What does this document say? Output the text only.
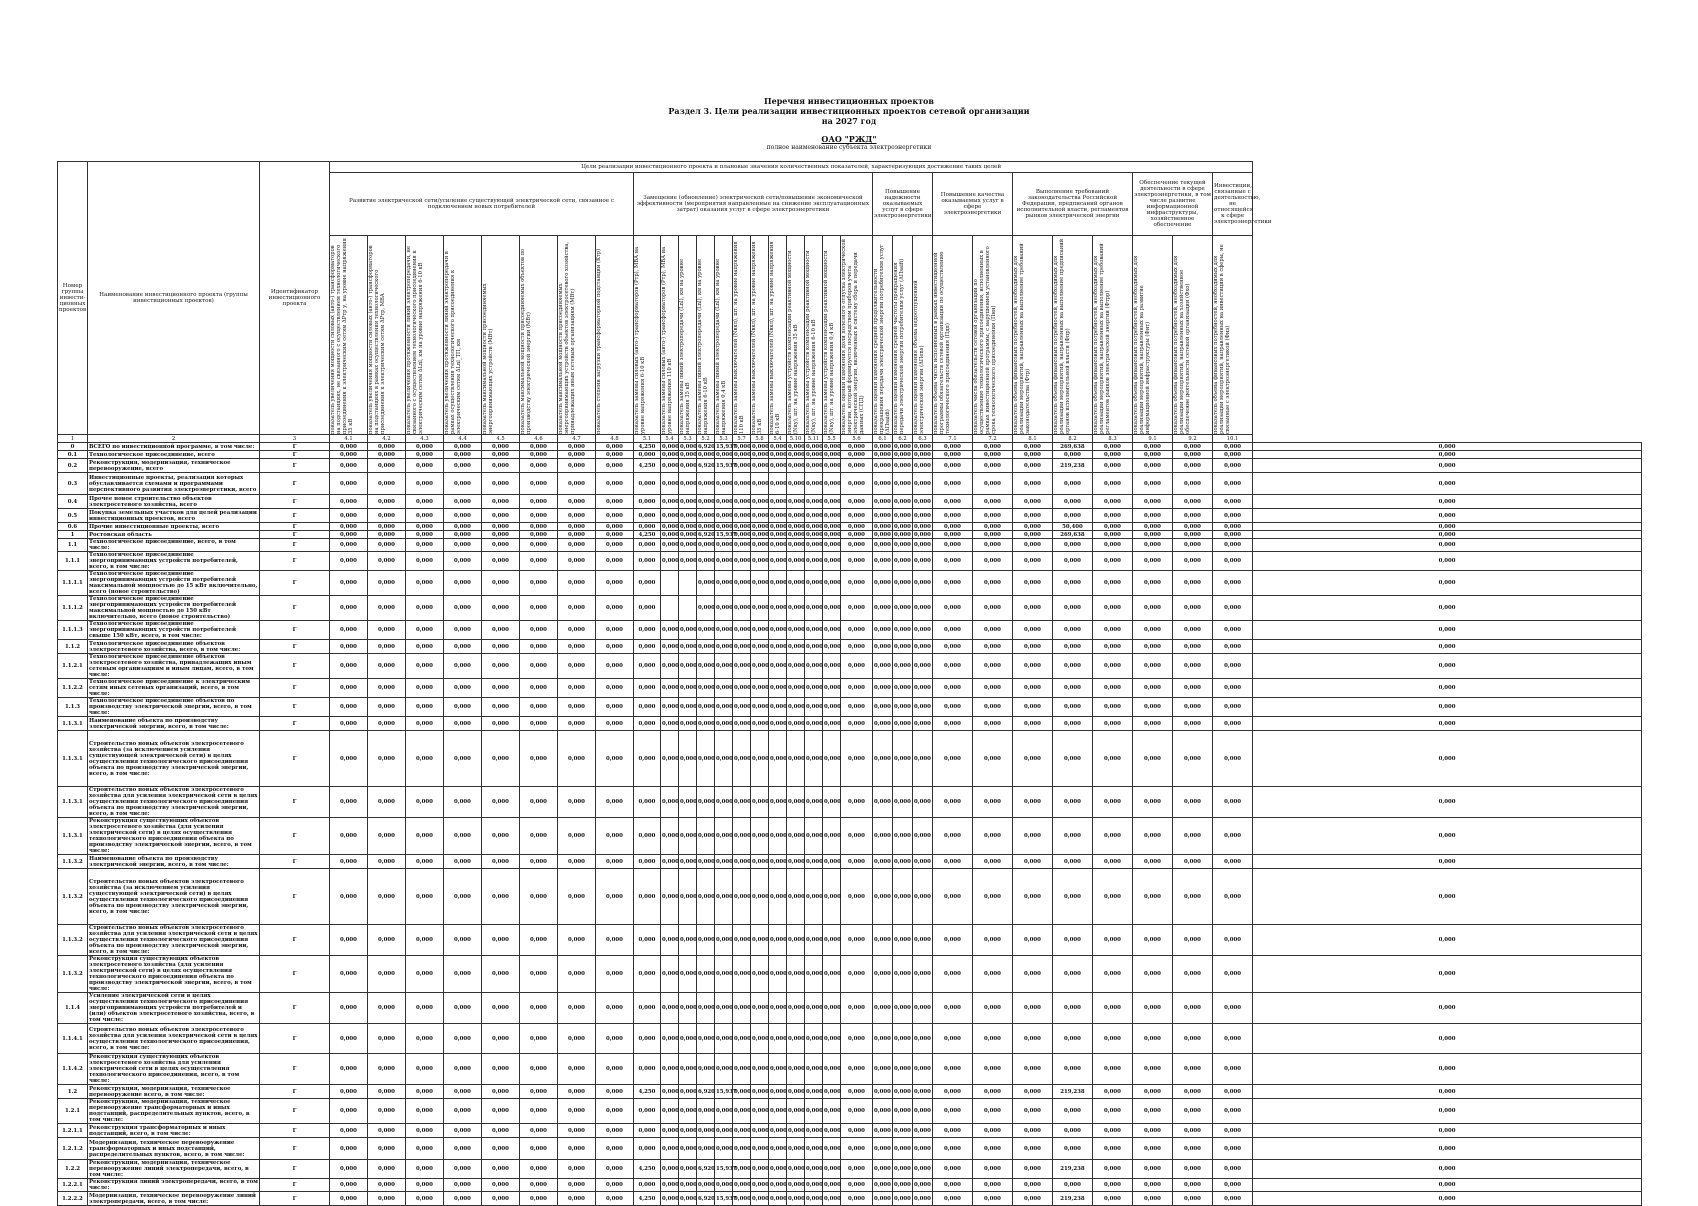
Перечня инвестиционных проектов
Раздел 3. Цели реализации инвестиционных проектов сетевой организации
на 2027 год
ОАО "РЖД"
полное наименование субъекта электроэнергетики
Номер группы инвести-ционных проектов	Наименование инвестиционного проекта (группы инвестиционных проектов)	Идентификатор инвестиционного проекта	Цели реализации инвестиционного проекта и плановые значения количественных показателей, характеризующих достижение таких целей																															
			Развитие электрической сети/усиление существующей электрической сети, связанное с подключением новых потребителей								Замещение (обновление) электрической сети/повышение экономической эффективности (мероприятия направленные на снижение эксплуатационных затрат) оказания услуг в сфере электроэнергетики												Повышение надежности оказываемых услуг в сфере электроэнергетики			Повышение качества оказываемых услуг в сфере электроэнергетики		Выполнение требований законодательства Российской Федерации, предписаний органов исполнительной власти, регламентов рынков электрической энергии			Обеспечение текущей деятельности в сфере электроэнергетики, в том числе развитие информационной инфраструктуры, хозяйственное обеспечение		Инвестиции, связанные с деятельностью, не относящейся к сфере электроэнергетики	

			показатель увеличения мощности силовых (авто-) трансформаторов на подстанциях, не связанного с осуществлением технологического присоединения к электрическим сетям ΔPтр у, на уровне напряжения 35 кВ	показатель увеличения мощности силовых (авто-) трансформаторов на подстанциях в рамках осуществления технологического присоединения к электрическим сетям ΔPтр, МВА	показатель увеличения протяженности линий электропередачи, не связанного с осуществлением технологического присоединения к электрическим сетям ΔLnl, км на уровне напряжения 6-10 кВ	показатель увеличения протяженности линий электропередачи в рамках осуществления технологического присоединения к электрическим сетям ΔLnl_ТП, км	показатель максимальной мощности присоединяемых энергопринимающих устройств (МВт)	показатель максимальной мощности присоединяемых объектов по производству электрической энергии (МВт)	показатель максимальной мощности присоединяемых энергопринимающих устройств объектов электросетевого хозяйства, принадлежащих иным сетевым организациям (МВт)	показатель степени загрузки трансформаторной подстанции (Ктр)	показатель замены силовых (авто-) трансформаторов (Ртр), МВА на уровне напряжения 6-10 кВ	показатель замены силовых (авто-) трансформаторов (Ртр), МВА на уровне напряжения 110 кВ	показатель замены линий электропередачи (Lnl), км на уровне напряжения 35 кВ	показатель замены линий электропередачи (Lnl), км на уровне напряжения 6-10 кВ	показатель замены линий электропередачи (Lnl), км на уровне напряжения 0,4 кВ	показатель замены выключателей (Nвкл), шт. на уровне напряжения 110 кВ	показатель замены выключателей (Nвкл), шт. на уровне напряжения 35 кВ	показатель замены выключателей (Nвкл), шт. на уровне напряжения 6-10 кВ	показатель замены устройств компенсации реактивной мощности (Nку), шт. на уровне напряжения 35 кВ	показатель замены устройств компенсации реактивной мощности (Nку), шт. на уровне напряжения 6-10 кВ	показатель замены устройств компенсации реактивной мощности (Nку), шт. на уровне напряжения 0,4 кВ	показатель оценки изменения доли полезного отпуска электрической энергии, который формируется посредством приборов учета электрической энергии, включенных в систему сбора и передачи данных (СПД)	показатель оценки изменения средней продолжительности прекращения передачи электрической энергии потребителям услуг (ΔПsaidi)	показатель оценки изменения средней частоты прекращения передачи электрической энергии потребителям услуг (ΔПsaifi)	показатель оценки изменения объема недоотпущенной электрической энергии (ΔПens)	показатель объема числа исполненных в рамках инвестиционной программы обязательств сетевой организации по осуществлению технологического присоединения (Пдп)	показатель числа обязательств сетевой организации по осуществлению технологического присоединения, исполненных в рамках инвестиционной программы, с нарушением установленного срока технологического присоединения (Пнн)	показатель объема финансовых потребностей, необходимых для реализации мероприятий, направленных на выполнение требований законодательства (Фтр)	показатель объема финансовых потребностей, необходимых для реализации мероприятий, направленных на выполнение предписаний органов исполнительной власти (Фпр)	показатель объема финансовых потребностей, необходимых для реализации мероприятий, направленных на выполнение требований регламентов рынков электрической энергии (Фтрр)	показатель объема финансовых потребностей, необходимых для реализации мероприятий, направленных на развитие информационной инфраструктуры (Фит)	показатель объема финансовых потребностей, необходимых для реализации мероприятий, направленных на хозяйственное обеспечение деятельности сетевой организации (Фхо)	показатель объема финансовых потребностей, необходимых для реализации мероприятий, направленных на инвестиции в сферы, не связанные с электроэнергетикой (Фнэ)	

1	2	3	4.1	4.2	4.3	4.4	4.5	4.6	4.7	4.8	5.1	5.4	5.3	5.2	5.3	5.7	5.8	5.4	5.10	5.11	5.5	5.6	6.1	6.2	6.3	7.1	7.2	8.1	8.2	8.3	9.1	9.2	10.1	
0	ВСЕГО по инвестиционной программе, в том числе:	Г	0,000	0,000	0,000	0,000	0,000	0,000	0,000	0,000	4,250	0,000	0,000	6,920	15,937	0,000	0,000	0,000	0,000	0,000	0,000	0,000	0,000	0,000	0,000	0,000	0,000	0,000	269,638	0,000	0,000	0,000	0,000	0,000
0.1	Технологическое присоединение, всего	Г	0,000	0,000	0,000	0,000	0,000	0,000	0,000	0,000	0,000	0,000	0,000	0,000	0,000	0,000	0,000	0,000	0,000	0,000	0,000	0,000	0,000	0,000	0,000	0,000	0,000	0,000	0,000	0,000	0,000	0,000	0,000	0,000
0.2	Реконструкция, модернизация, техническое перевооружение, всего	Г	0,000	0,000	0,000	0,000	0,000	0,000	0,000	0,000	4,250	0,000	0,000	6,920	15,937	0,000	0,000	0,000	0,000	0,000	0,000	0,000	0,000	0,000	0,000	0,000	0,000	0,000	219,238	0,000	0,000	0,000	0,000	0,000
0.3	Инвестиционные проекты, реализация которых обуславливается схемами и программами перспективного развития электроэнергетики, всего	Г	0,000	0,000	0,000	0,000	0,000	0,000	0,000	0,000	0,000	0,000	0,000	0,000	0,000	0,000	0,000	0,000	0,000	0,000	0,000	0,000	0,000	0,000	0,000	0,000	0,000	0,000	0,000	0,000	0,000	0,000	0,000	0,000
0.4	Прочее новое строительство объектов электросетевого хозяйства, всего	Г	0,000	0,000	0,000	0,000	0,000	0,000	0,000	0,000	0,000	0,000	0,000	0,000	0,000	0,000	0,000	0,000	0,000	0,000	0,000	0,000	0,000	0,000	0,000	0,000	0,000	0,000	0,000	0,000	0,000	0,000	0,000	0,000
0.5	Покупка земельных участков для целей реализации инвестиционных проектов, всего	Г	0,000	0,000	0,000	0,000	0,000	0,000	0,000	0,000	0,000	0,000	0,000	0,000	0,000	0,000	0,000	0,000	0,000	0,000	0,000	0,000	0,000	0,000	0,000	0,000	0,000	0,000	0,000	0,000	0,000	0,000	0,000	0,000
0.6	Прочие инвестиционные проекты, всего	Г	0,000	0,000	0,000	0,000	0,000	0,000	0,000	0,000	0,000	0,000	0,000	0,000	0,000	0,000	0,000	0,000	0,000	0,000	0,000	0,000	0,000	0,000	0,000	0,000	0,000	0,000	50,400	0,000	0,000	0,000	0,000	0,000
1	Ростовская область	Г	0,000	0,000	0,000	0,000	0,000	0,000	0,000	0,000	4,250	0,000	0,000	6,920	15,937	0,000	0,000	0,000	0,000	0,000	0,000	0,000	0,000	0,000	0,000	0,000	0,000	0,000	269,638	0,000	0,000	0,000	0,000	0,000
1.1	Технологическое присоединение, всего, в том числе:	Г	0,000	0,000	0,000	0,000	0,000	0,000	0,000	0,000	0,000	0,000	0,000	0,000	0,000	0,000	0,000	0,000	0,000	0,000	0,000	0,000	0,000	0,000	0,000	0,000	0,000	0,000	0,000	0,000	0,000	0,000	0,000	0,000
1.1.1	Технологическое присоединение энергопринимающих устройств потребителей, всего, в том числе:	Г	0,000	0,000	0,000	0,000	0,000	0,000	0,000	0,000	0,000	0,000	0,000	0,000	0,000	0,000	0,000	0,000	0,000	0,000	0,000	0,000	0,000	0,000	0,000	0,000	0,000	0,000	0,000	0,000	0,000	0,000	0,000	0,000
1.1.1.1	Технологическое присоединение энергопринимающих устройств потребителей максимальной мощностью до 15 кВт включительно, всего (новое строительство)	Г	0,000	0,000	0,000	0,000	0,000	0,000	0,000	0,000	0,000			0,000	0,000	0,000	0,000	0,000	0,000	0,000	0,000	0,000	0,000	0,000	0,000	0,000	0,000	0,000	0,000	0,000	0,000	0,000	0,000	0,000
1.1.1.2	Технологическое присоединение энергопринимающих устройств потребителей максимальной мощностью до 150 кВт включительно, всего (новое строительство)	Г	0,000	0,000	0,000	0,000	0,000	0,000	0,000	0,000	0,000			0,000	0,000	0,000	0,000	0,000	0,000	0,000	0,000	0,000	0,000	0,000	0,000	0,000	0,000	0,000	0,000	0,000	0,000	0,000	0,000	0,000
1.1.1.3	Технологическое присоединение энергопринимающих устройств потребителей свыше 150 кВт, всего, в том числе:	Г	0,000	0,000	0,000	0,000	0,000	0,000	0,000	0,000	0,000	0,000	0,000	0,000	0,000	0,000	0,000	0,000	0,000	0,000	0,000	0,000	0,000	0,000	0,000	0,000	0,000	0,000	0,000	0,000	0,000	0,000	0,000	0,000
1.1.2	Технологическое присоединение объектов электросетевого хозяйства, всего, в том числе:	Г	0,000	0,000	0,000	0,000	0,000	0,000	0,000	0,000	0,000	0,000	0,000	0,000	0,000	0,000	0,000	0,000	0,000	0,000	0,000	0,000	0,000	0,000	0,000	0,000	0,000	0,000	0,000	0,000	0,000	0,000	0,000	0,000
1.1.2.1	Технологическое присоединение объектов электросетевого хозяйства, принадлежащих иным сетевым организациям и иным лицам, всего, в том числе:	Г	0,000	0,000	0,000	0,000	0,000	0,000	0,000	0,000	0,000	0,000	0,000	0,000	0,000	0,000	0,000	0,000	0,000	0,000	0,000	0,000	0,000	0,000	0,000	0,000	0,000	0,000	0,000	0,000	0,000	0,000	0,000	0,000
1.1.2.2	Технологическое присоединение к электрическим сетям иных сетевых организаций, всего, в том числе:	Г	0,000	0,000	0,000	0,000	0,000	0,000	0,000	0,000	0,000	0,000	0,000	0,000	0,000	0,000	0,000	0,000	0,000	0,000	0,000	0,000	0,000	0,000	0,000	0,000	0,000	0,000	0,000	0,000	0,000	0,000	0,000	0,000
1.1.3	Технологическое присоединение объектов по производству электрической энергии, всего, в том числе:	Г	0,000	0,000	0,000	0,000	0,000	0,000	0,000	0,000	0,000	0,000	0,000	0,000	0,000	0,000	0,000	0,000	0,000	0,000	0,000	0,000	0,000	0,000	0,000	0,000	0,000	0,000	0,000	0,000	0,000	0,000	0,000	0,000
1.1.3.1	Наименование объекта по производству электрической энергии, всего, в том числе:	Г	0,000	0,000	0,000	0,000	0,000	0,000	0,000	0,000	0,000	0,000	0,000	0,000	0,000	0,000	0,000	0,000	0,000	0,000	0,000	0,000	0,000	0,000	0,000	0,000	0,000	0,000	0,000	0,000	0,000	0,000	0,000	0,000
1.1.3.1	Строительство новых объектов электросетевого хозяйства (за исключением усиления существующей электрической сети) в целях осуществления технологического присоединения объекта по производству электрической энергии, всего, в том числе:	Г	0,000	0,000	0,000	0,000	0,000	0,000	0,000	0,000	0,000	0,000	0,000	0,000	0,000	0,000	0,000	0,000	0,000	0,000	0,000	0,000	0,000	0,000	0,000	0,000	0,000	0,000	0,000	0,000	0,000	0,000	0,000	0,000
1.1.3.1	Строительство новых объектов электросетевого хозяйства для усиления электрической сети в целях осуществления технологического присоединения объекта по производству электрической энергии, всего, в том числе:	Г	0,000	0,000	0,000	0,000	0,000	0,000	0,000	0,000	0,000	0,000	0,000	0,000	0,000	0,000	0,000	0,000	0,000	0,000	0,000	0,000	0,000	0,000	0,000	0,000	0,000	0,000	0,000	0,000	0,000	0,000	0,000	0,000
1.1.3.1	Реконструкция существующих объектов электросетевого хозяйства (для усиления электрической сети) в целях осуществления технологического присоединения объекта по производству электрической энергии, всего, в том числе:	Г	0,000	0,000	0,000	0,000	0,000	0,000	0,000	0,000	0,000	0,000	0,000	0,000	0,000	0,000	0,000	0,000	0,000	0,000	0,000	0,000	0,000	0,000	0,000	0,000	0,000	0,000	0,000	0,000	0,000	0,000	0,000	0,000
1.1.3.2	Наименование объекта по производству электрической энергии, всего, в том числе:	Г	0,000	0,000	0,000	0,000	0,000	0,000	0,000	0,000	0,000	0,000	0,000	0,000	0,000	0,000	0,000	0,000	0,000	0,000	0,000	0,000	0,000	0,000	0,000	0,000	0,000	0,000	0,000	0,000	0,000	0,000	0,000	0,000
1.1.3.2	Строительство новых объектов электросетевого хозяйства (за исключением усиления существующей электрической сети) в целях осуществления технологического присоединения объекта по производству электрической энергии, всего, в том числе:	Г	0,000	0,000	0,000	0,000	0,000	0,000	0,000	0,000	0,000	0,000	0,000	0,000	0,000	0,000	0,000	0,000	0,000	0,000	0,000	0,000	0,000	0,000	0,000	0,000	0,000	0,000	0,000	0,000	0,000	0,000	0,000	0,000
1.1.3.2	Строительство новых объектов электросетевого хозяйства для усиления электрической сети в целях осуществления технологического присоединения объекта по производству электрической энергии, всего, в том числе:	Г	0,000	0,000	0,000	0,000	0,000	0,000	0,000	0,000	0,000	0,000	0,000	0,000	0,000	0,000	0,000	0,000	0,000	0,000	0,000	0,000	0,000	0,000	0,000	0,000	0,000	0,000	0,000	0,000	0,000	0,000	0,000	0,000
1.1.3.2	Реконструкция существующих объектов электросетевого хозяйства (для усиления электрической сети) в целях осуществления технологического присоединения объекта по производству электрической энергии, всего, в том числе:	Г	0,000	0,000	0,000	0,000	0,000	0,000	0,000	0,000	0,000	0,000	0,000	0,000	0,000	0,000	0,000	0,000	0,000	0,000	0,000	0,000	0,000	0,000	0,000	0,000	0,000	0,000	0,000	0,000	0,000	0,000	0,000	0,000
1.1.4	Усиление электрической сети в целях осуществления технологического присоединения энергопринимающих устройств потребителей и (или) объектов электросетевого хозяйства, всего, в том числе:	Г	0,000	0,000	0,000	0,000	0,000	0,000	0,000	0,000	0,000	0,000	0,000	0,000	0,000	0,000	0,000	0,000	0,000	0,000	0,000	0,000	0,000	0,000	0,000	0,000	0,000	0,000	0,000	0,000	0,000	0,000	0,000	0,000
1.1.4.1	Строительство новых объектов электросетевого хозяйства для усиления электрической сети в целях осуществления технологического присоединения, всего, в том числе:	Г	0,000	0,000	0,000	0,000	0,000	0,000	0,000	0,000	0,000	0,000	0,000	0,000	0,000	0,000	0,000	0,000	0,000	0,000	0,000	0,000	0,000	0,000	0,000	0,000	0,000	0,000	0,000	0,000	0,000	0,000	0,000	0,000
1.1.4.2	Реконструкция существующих объектов электросетевого хозяйства для усиления электрической сети в целях осуществления технологического присоединения, всего, в том числе:	Г	0,000	0,000	0,000	0,000	0,000	0,000	0,000	0,000	0,000	0,000	0,000	0,000	0,000	0,000	0,000	0,000	0,000	0,000	0,000	0,000	0,000	0,000	0,000	0,000	0,000	0,000	0,000	0,000	0,000	0,000	0,000	0,000
1.2	Реконструкция, модернизация, техническое перевооружение всего, в том числе:	Г	0,000	0,000	0,000	0,000	0,000	0,000	0,000	0,000	4,250	0,000	0,000	6,920	15,937	0,000	0,000	0,000	0,000	0,000	0,000	0,000	0,000	0,000	0,000	0,000	0,000	0,000	219,238	0,000	0,000	0,000	0,000	0,000
1.2.1	Реконструкция, модернизация, техническое перевооружение трансформаторных и иных подстанций, распределительных пунктов, всего, в том числе:	Г	0,000	0,000	0,000	0,000	0,000	0,000	0,000	0,000	0,000	0,000	0,000	0,000	0,000	0,000	0,000	0,000	0,000	0,000	0,000	0,000	0,000	0,000	0,000	0,000	0,000	0,000	0,000	0,000	0,000	0,000	0,000	0,000
1.2.1.1	Реконструкция трансформаторных и иных подстанций, всего, в том числе:	Г	0,000	0,000	0,000	0,000	0,000	0,000	0,000	0,000	0,000	0,000	0,000	0,000	0,000	0,000	0,000	0,000	0,000	0,000	0,000	0,000	0,000	0,000	0,000	0,000	0,000	0,000	0,000	0,000	0,000	0,000	0,000	0,000
1.2.1.2	Модернизация, техническое перевооружение трансформаторных и иных подстанций, распределительных пунктов, всего, в том числе:	Г	0,000	0,000	0,000	0,000	0,000	0,000	0,000	0,000	0,000	0,000	0,000	0,000	0,000	0,000	0,000	0,000	0,000	0,000	0,000	0,000	0,000	0,000	0,000	0,000	0,000	0,000	0,000	0,000	0,000	0,000	0,000	0,000
1.2.2	Реконструкция, модернизация, техническое перевооружение линий электропередачи, всего, в том числе:	Г	0,000	0,000	0,000	0,000	0,000	0,000	0,000	0,000	4,250	0,000	0,000	6,920	15,937	0,000	0,000	0,000	0,000	0,000	0,000	0,000	0,000	0,000	0,000	0,000	0,000	0,000	219,238	0,000	0,000	0,000	0,000	0,000
1.2.2.1	Реконструкция линий электропередачи, всего, в том числе:	Г	0,000	0,000	0,000	0,000	0,000	0,000	0,000	0,000	0,000	0,000	0,000	0,000	0,000	0,000	0,000	0,000	0,000	0,000	0,000	0,000	0,000	0,000	0,000	0,000	0,000	0,000	0,000	0,000	0,000	0,000	0,000	0,000
1.2.2.2	Модернизация, техническое перевооружение линий электропередачи, всего, в том числе:	Г	0,000	0,000	0,000	0,000	0,000	0,000	0,000	0,000	4,250	0,000	0,000	6,920	15,937	0,000	0,000	0,000	0,000	0,000	0,000	0,000	0,000	0,000	0,000	0,000	0,000	0,000	219,238	0,000	0,000	0,000	0,000	0,000
